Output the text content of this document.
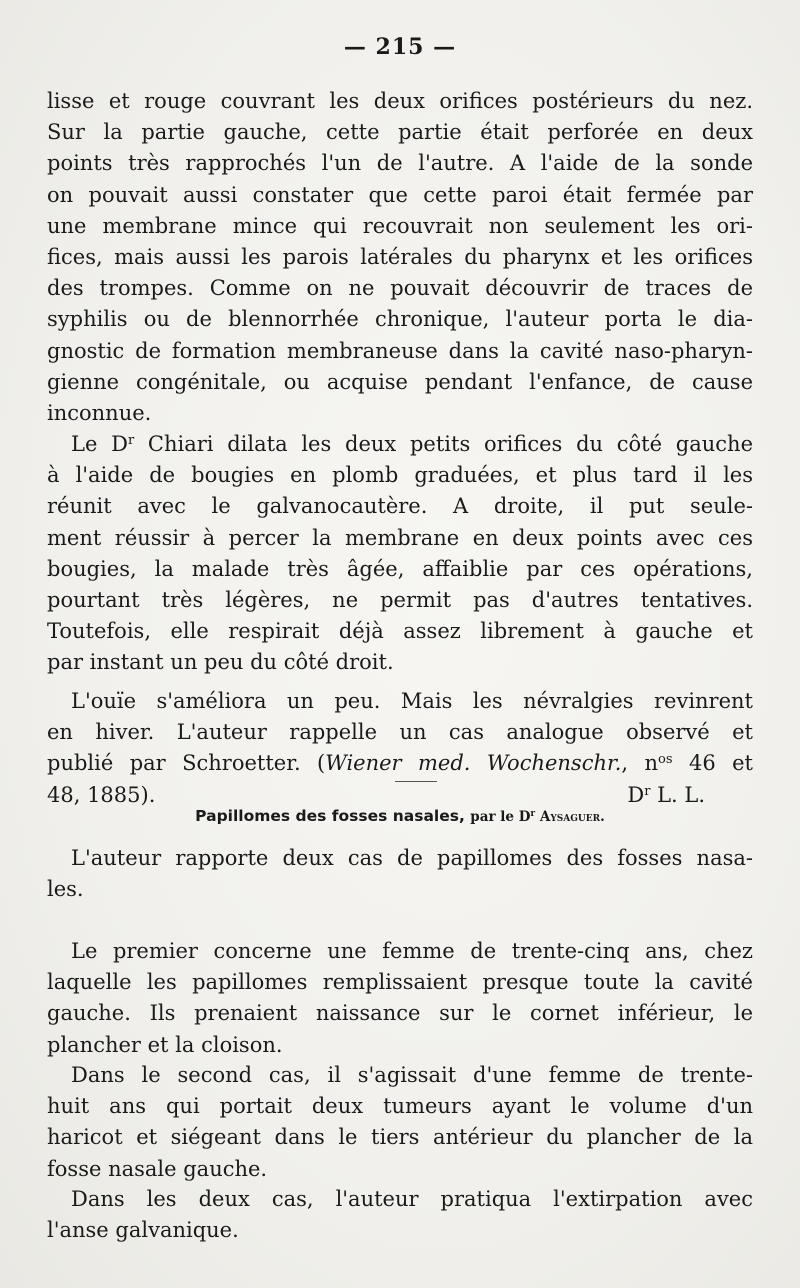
— 215 —
lisse et rouge couvrant les deux orifices postérieurs du nez.
Sur la partie gauche, cette partie était perforée en deux
points très rapprochés l'un de l'autre. A l'aide de la sonde
on pouvait aussi constater que cette paroi était fermée par
une membrane mince qui recouvrait non seulement les ori-
fices, mais aussi les parois latérales du pharynx et les orifices
des trompes. Comme on ne pouvait découvrir de traces de
syphilis ou de blennorrhée chronique, l'auteur porta le dia-
gnostic de formation membraneuse dans la cavité naso-pharyn-
gienne congénitale, ou acquise pendant l'enfance, de cause
inconnue.
Le $D^r$ Chiari dilata les deux petits orifices du côté gauche
à l'aide de bougies en plomb graduées, et plus tard il les
réunit avec le galvanocautère. A droite, il put seule-
ment réussir à percer la membrane en deux points avec ces
bougies, la malade très âgée, affaiblie par ces opérations,
pourtant très légères, ne permit pas d'autres tentatives.
Toutefois, elle respirait déjà assez librement à gauche et
par instant un peu du côté droit.
L'ouïe s'améliora un peu. Mais les névralgies revinrent
en hiver. L'auteur rappelle un cas analogue observé et
publié par Schroetter. (Wiener med. Wochenschr., $n^{os}$ 46 et
48, 1885).	$D^r$ L. L.
Papillomes des fosses nasales, par le $D^r$ Aysaguer.
L'auteur rapporte deux cas de papillomes des fosses nasa-
les.
Le premier concerne une femme de trente-cinq ans, chez
laquelle les papillomes remplissaient presque toute la cavité
gauche. Ils prenaient naissance sur le cornet inférieur, le
plancher et la cloison.
Dans le second cas, il s'agissait d'une femme de trente-
huit ans qui portait deux tumeurs ayant le volume d'un
haricot et siégeant dans le tiers antérieur du plancher de la
fosse nasale gauche.
Dans les deux cas, l'auteur pratiqua l'extirpation avec
l'anse galvanique.
